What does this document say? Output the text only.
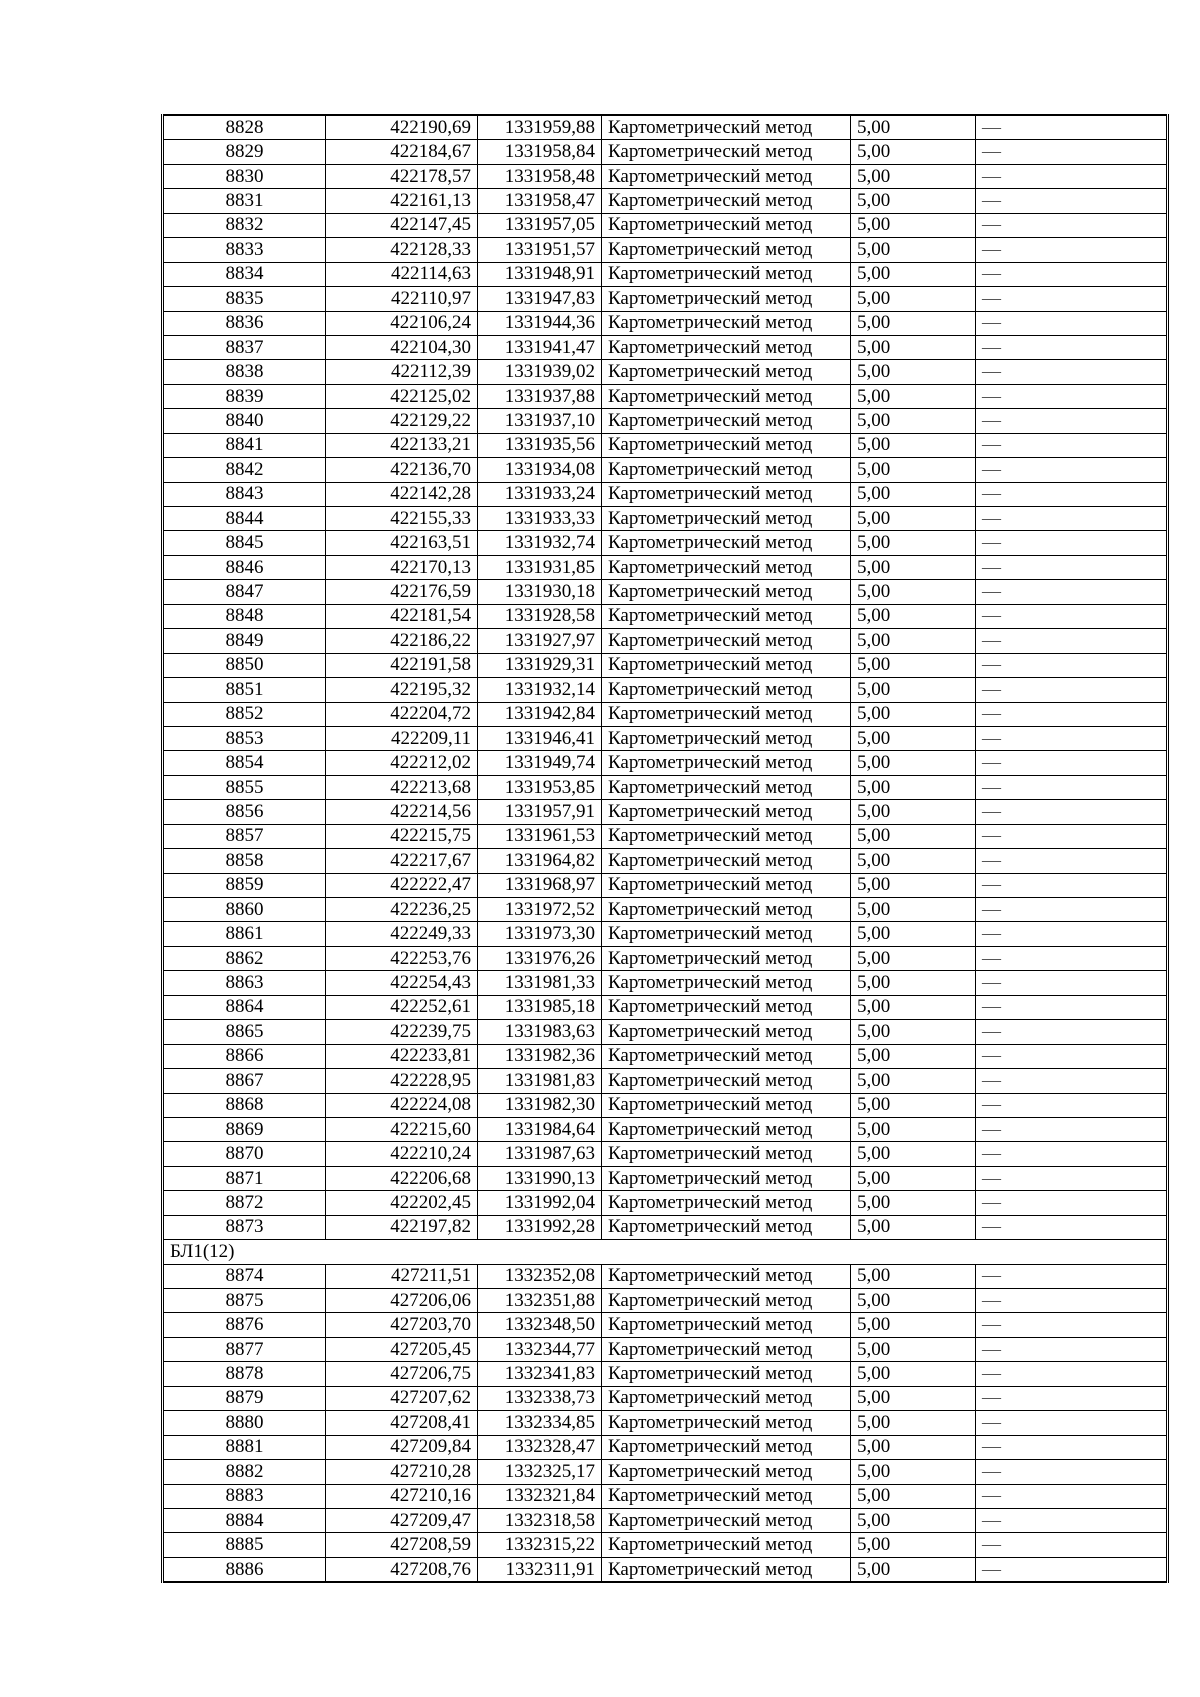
8828	422190,69	1331959,88	Картометрический метод	5,00	—
8829	422184,67	1331958,84	Картометрический метод	5,00	—
8830	422178,57	1331958,48	Картометрический метод	5,00	—
8831	422161,13	1331958,47	Картометрический метод	5,00	—
8832	422147,45	1331957,05	Картометрический метод	5,00	—
8833	422128,33	1331951,57	Картометрический метод	5,00	—
8834	422114,63	1331948,91	Картометрический метод	5,00	—
8835	422110,97	1331947,83	Картометрический метод	5,00	—
8836	422106,24	1331944,36	Картометрический метод	5,00	—
8837	422104,30	1331941,47	Картометрический метод	5,00	—
8838	422112,39	1331939,02	Картометрический метод	5,00	—
8839	422125,02	1331937,88	Картометрический метод	5,00	—
8840	422129,22	1331937,10	Картометрический метод	5,00	—
8841	422133,21	1331935,56	Картометрический метод	5,00	—
8842	422136,70	1331934,08	Картометрический метод	5,00	—
8843	422142,28	1331933,24	Картометрический метод	5,00	—
8844	422155,33	1331933,33	Картометрический метод	5,00	—
8845	422163,51	1331932,74	Картометрический метод	5,00	—
8846	422170,13	1331931,85	Картометрический метод	5,00	—
8847	422176,59	1331930,18	Картометрический метод	5,00	—
8848	422181,54	1331928,58	Картометрический метод	5,00	—
8849	422186,22	1331927,97	Картометрический метод	5,00	—
8850	422191,58	1331929,31	Картометрический метод	5,00	—
8851	422195,32	1331932,14	Картометрический метод	5,00	—
8852	422204,72	1331942,84	Картометрический метод	5,00	—
8853	422209,11	1331946,41	Картометрический метод	5,00	—
8854	422212,02	1331949,74	Картометрический метод	5,00	—
8855	422213,68	1331953,85	Картометрический метод	5,00	—
8856	422214,56	1331957,91	Картометрический метод	5,00	—
8857	422215,75	1331961,53	Картометрический метод	5,00	—
8858	422217,67	1331964,82	Картометрический метод	5,00	—
8859	422222,47	1331968,97	Картометрический метод	5,00	—
8860	422236,25	1331972,52	Картометрический метод	5,00	—
8861	422249,33	1331973,30	Картометрический метод	5,00	—
8862	422253,76	1331976,26	Картометрический метод	5,00	—
8863	422254,43	1331981,33	Картометрический метод	5,00	—
8864	422252,61	1331985,18	Картометрический метод	5,00	—
8865	422239,75	1331983,63	Картометрический метод	5,00	—
8866	422233,81	1331982,36	Картометрический метод	5,00	—
8867	422228,95	1331981,83	Картометрический метод	5,00	—
8868	422224,08	1331982,30	Картометрический метод	5,00	—
8869	422215,60	1331984,64	Картометрический метод	5,00	—
8870	422210,24	1331987,63	Картометрический метод	5,00	—
8871	422206,68	1331990,13	Картометрический метод	5,00	—
8872	422202,45	1331992,04	Картометрический метод	5,00	—
8873	422197,82	1331992,28	Картометрический метод	5,00	—
БЛ1(12)					
8874	427211,51	1332352,08	Картометрический метод	5,00	—
8875	427206,06	1332351,88	Картометрический метод	5,00	—
8876	427203,70	1332348,50	Картометрический метод	5,00	—
8877	427205,45	1332344,77	Картометрический метод	5,00	—
8878	427206,75	1332341,83	Картометрический метод	5,00	—
8879	427207,62	1332338,73	Картометрический метод	5,00	—
8880	427208,41	1332334,85	Картометрический метод	5,00	—
8881	427209,84	1332328,47	Картометрический метод	5,00	—
8882	427210,28	1332325,17	Картометрический метод	5,00	—
8883	427210,16	1332321,84	Картометрический метод	5,00	—
8884	427209,47	1332318,58	Картометрический метод	5,00	—
8885	427208,59	1332315,22	Картометрический метод	5,00	—
8886	427208,76	1332311,91	Картометрический метод	5,00	—
